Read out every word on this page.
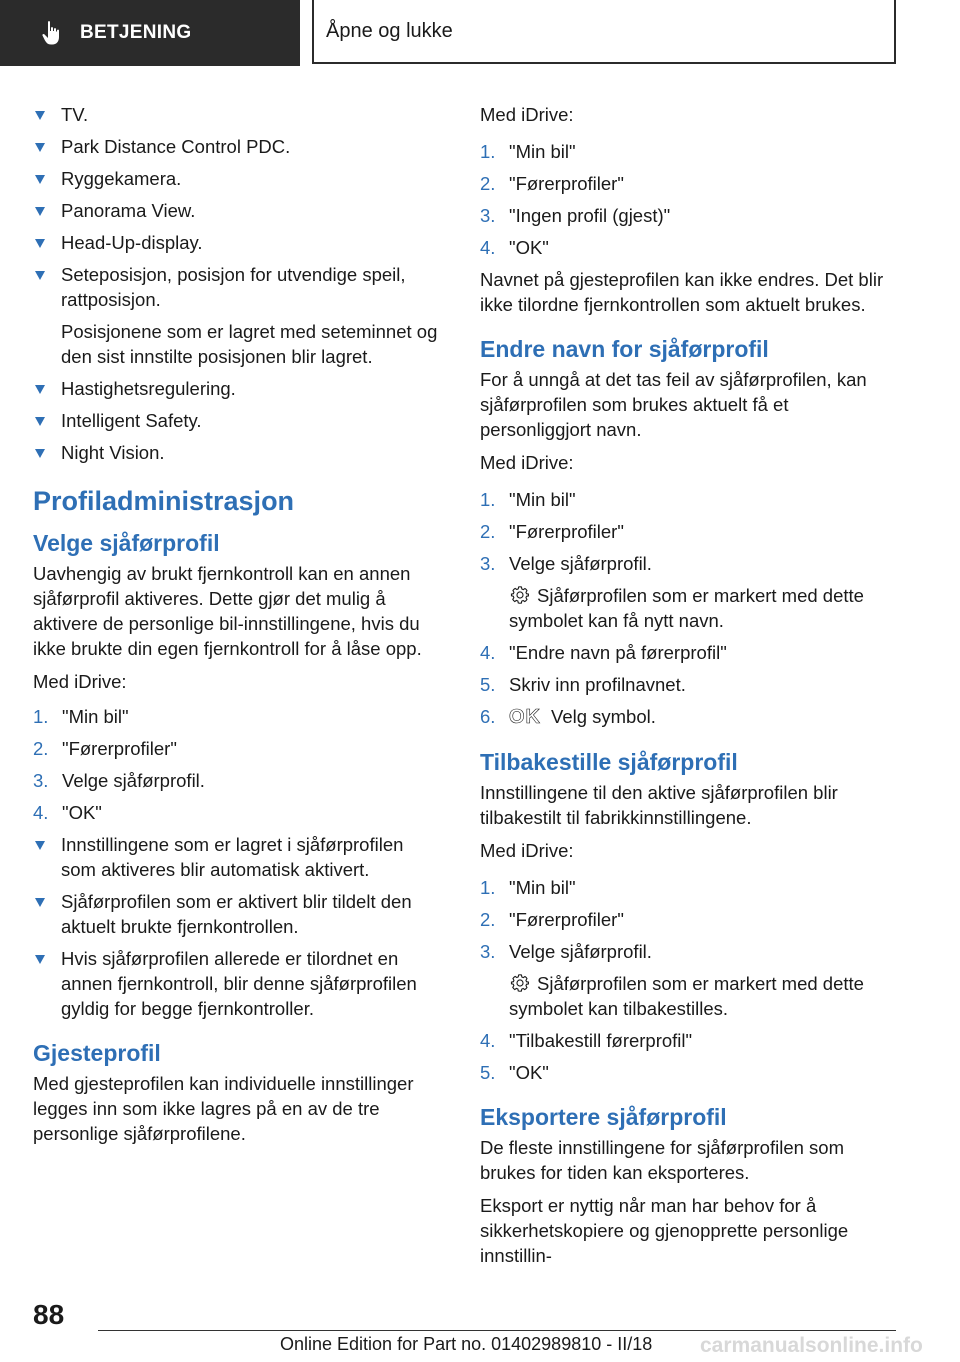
BETJENING	Åpne og lukke
TV.
Park Distance Control PDC.
Ryggekamera.
Panorama View.
Head-Up-display.
Seteposisjon, posisjon for utvendige speil, rattposisjon.
Posisjonene som er lagret med seteminnet og den sist innstilte posisjonen blir lagret.
Hastighetsregulering.
Intelligent Safety.
Night Vision.
Profiladministrasjon
Velge sjåførprofil
Uavhengig av brukt fjernkontroll kan en annen sjåførprofil aktiveres. Dette gjør det mulig å aktivere de personlige bil-innstillingene, hvis du ikke brukte din egen fjernkontroll for å låse opp.
Med iDrive:
1. "Min bil"
2. "Førerprofiler"
3. Velge sjåførprofil.
4. "OK"
Innstillingene som er lagret i sjåførprofilen som aktiveres blir automatisk aktivert.
Sjåførprofilen som er aktivert blir tildelt den aktuelt brukte fjernkontrollen.
Hvis sjåførprofilen allerede er tilordnet en annen fjernkontroll, blir denne sjåførprofilen gyldig for begge fjernkontroller.
Gjesteprofil
Med gjesteprofilen kan individuelle innstillinger legges inn som ikke lagres på en av de tre personlige sjåførprofilene.
Med iDrive:
1. "Min bil"
2. "Førerprofiler"
3. "Ingen profil (gjest)"
4. "OK"
Navnet på gjesteprofilen kan ikke endres. Det blir ikke tilordne fjernkontrollen som aktuelt brukes.
Endre navn for sjåførprofil
For å unngå at det tas feil av sjåførprofilen, kan sjåførprofilen som brukes aktuelt få et personliggjort navn.
Med iDrive:
1. "Min bil"
2. "Førerprofiler"
3. Velge sjåførprofil.
Sjåførprofilen som er markert med dette symbolet kan få nytt navn.
4. "Endre navn på førerprofil"
5. Skriv inn profilnavnet.
6. OK Velg symbol.
Tilbakestille sjåførprofil
Innstillingene til den aktive sjåførprofilen blir tilbakestilt til fabrikkinnstillingene.
Med iDrive:
1. "Min bil"
2. "Førerprofiler"
3. Velge sjåførprofil.
Sjåførprofilen som er markert med dette symbolet kan tilbakestilles.
4. "Tilbakestill førerprofil"
5. "OK"
Eksportere sjåførprofil
De fleste innstillingene for sjåførprofilen som brukes for tiden kan eksporteres.
Eksport er nyttig når man har behov for å sikkerhetskopiere og gjenopprette personlige innstillin-
88
Online Edition for Part no. 01402989810 - II/18 carmanualsonline.info
